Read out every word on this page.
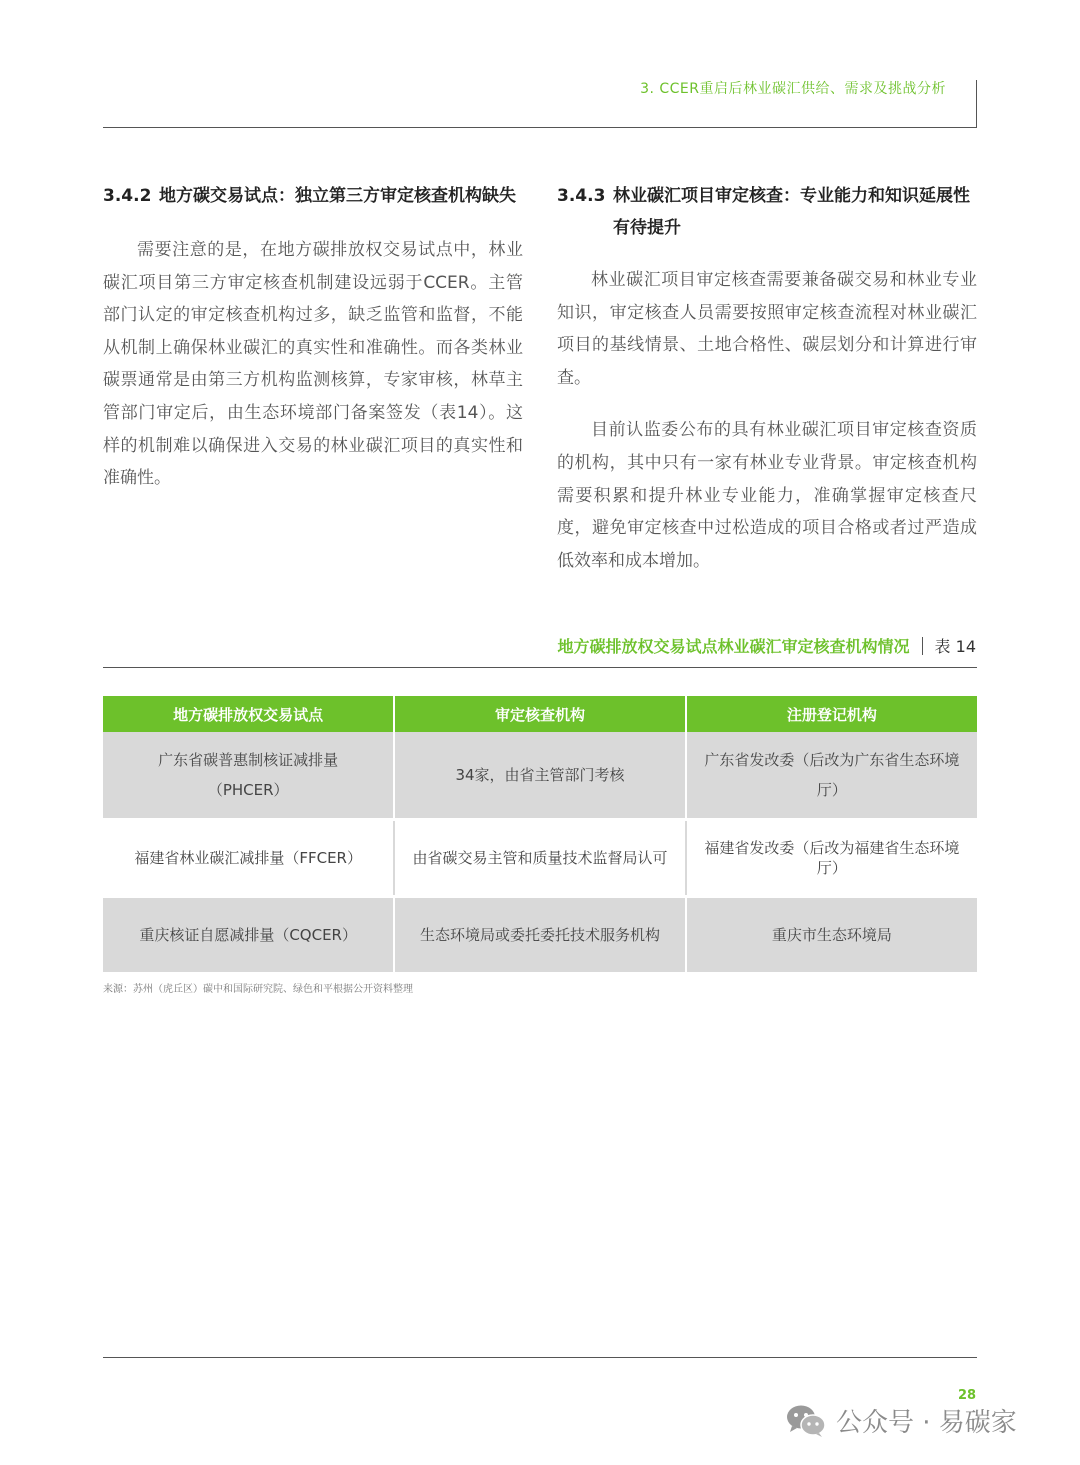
3. CCER重启后林业碳汇供给、需求及挑战分析
3.4.2 地方碳交易试点：独立第三方审定核查机构缺失

需要注意的是，在地方碳排放权交易试点中，林业碳汇项目第三方审定核查机制建设远弱于CCER。主管部门认定的审定核查机构过多，缺乏监管和监督，不能从机制上确保林业碳汇的真实性和准确性。而各类林业碳票通常是由第三方机构监测核算，专家审核，林草主管部门审定后，由生态环境部门备案签发（表14）。这样的机制难以确保进入交易的林业碳汇项目的真实性和准确性。

3.4.3 林业碳汇项目审定核查：专业能力和知识延展性有待提升

林业碳汇项目审定核查需要兼备碳交易和林业专业知识，审定核查人员需要按照审定核查流程对林业碳汇项目的基线情景、土地合格性、碳层划分和计算进行审查。

目前认监委公布的具有林业碳汇项目审定核查资质的机构，其中只有一家有林业专业背景。审定核查机构需要积累和提升林业专业能力，准确掌握审定核查尺度，避免审定核查中过松造成的项目合格或者过严造成低效率和成本增加。

地方碳排放权交易试点林业碳汇审定核查机构情况 表 14
地方碳排放权交易试点	审定核查机构	注册登记机构

广东省碳普惠制核证减排量
（PHCER）	34家，由省主管部门考核	广东省发改委（后改为广东省生态环境厅）
福建省林业碳汇减排量（FFCER）	由省碳交易主管和质量技术监督局认可	福建省发改委（后改为福建省生态环境厅）
重庆核证自愿减排量（CQCER）	生态环境局或委托委托技术服务机构	重庆市生态环境局
来源：苏州（虎丘区）碳中和国际研究院、绿色和平根据公开资料整理
28
公众号 · 易碳家
